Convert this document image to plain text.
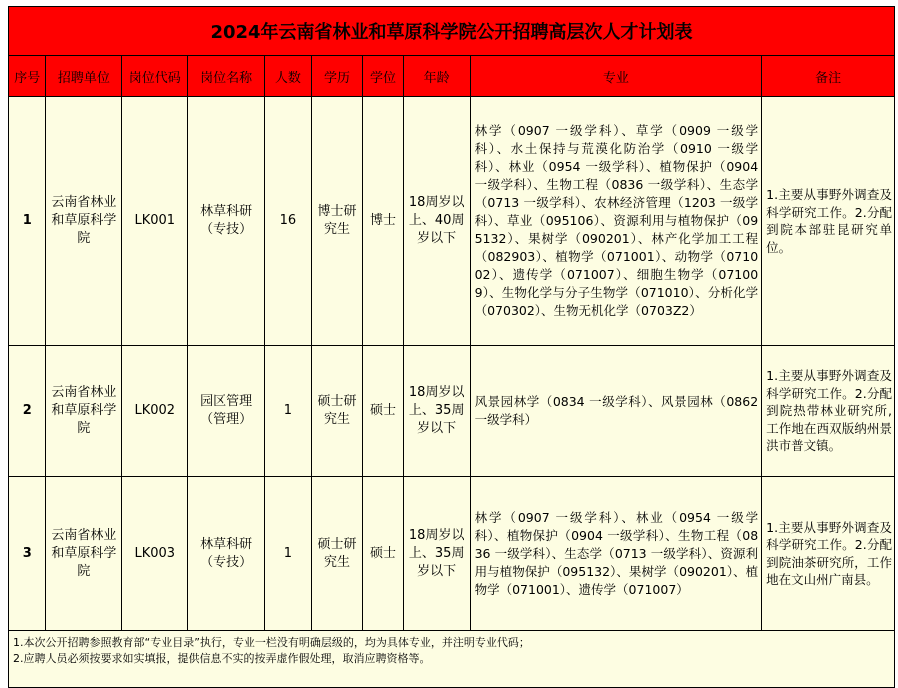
2024年云南省林业和草原科学院公开招聘高层次人才计划表									
序号	招聘单位	岗位代码	岗位名称	人数	学历	学位	年龄	专业	备注
1	云南省林业和草原科学院	LK001	林草科研（专技）	16	博士研究生	博士	18周岁以上、40周岁以下	林学（0907 一级学科）、草学（0909 一级学科）、水土保持与荒漠化防治学（0910 一级学科）、林业（0954 一级学科）、植物保护（0904 一级学科）、生物工程（0836 一级学科）、生态学（0713 一级学科）、农林经济管理（1203 一级学科）、草业（095106）、资源利用与植物保护（095132）、果树学（090201）、林产化学加工工程（082903）、植物学（071001）、动物学（071002）、遗传学（071007）、细胞生物学（071009）、生物化学与分子生物学（071010）、分析化学（070302）、生物无机化学（0703Z2）	1.主要从事野外调查及科学研究工作。2.分配到院本部驻昆研究单位。
2	云南省林业和草原科学院	LK002	园区管理（管理）	1	硕士研究生	硕士	18周岁以上、35周岁以下	风景园林学（0834 一级学科）、风景园林（0862 一级学科）	1.主要从事野外调查及科学研究工作。2.分配到院热带林业研究所,工作地在西双版纳州景洪市普文镇。
3	云南省林业和草原科学院	LK003	林草科研（专技）	1	硕士研究生	硕士	18周岁以上、35周岁以下	林学（0907 一级学科）、林业（0954 一级学科）、植物保护（0904 一级学科）、生物工程（0836 一级学科）、生态学（0713 一级学科）、资源利用与植物保护（095132）、果树学（090201）、植物学（071001）、遗传学（071007）	1.主要从事野外调查及科学研究工作。2.分配到院油茶研究所，工作地在文山州广南县。

1.本次公开招聘参照教育部“专业目录”执行，专业一栏没有明确层级的，均为具体专业，并注明专业代码；
2.应聘人员必须按要求如实填报，提供信息不实的按弄虚作假处理，取消应聘资格等。									
